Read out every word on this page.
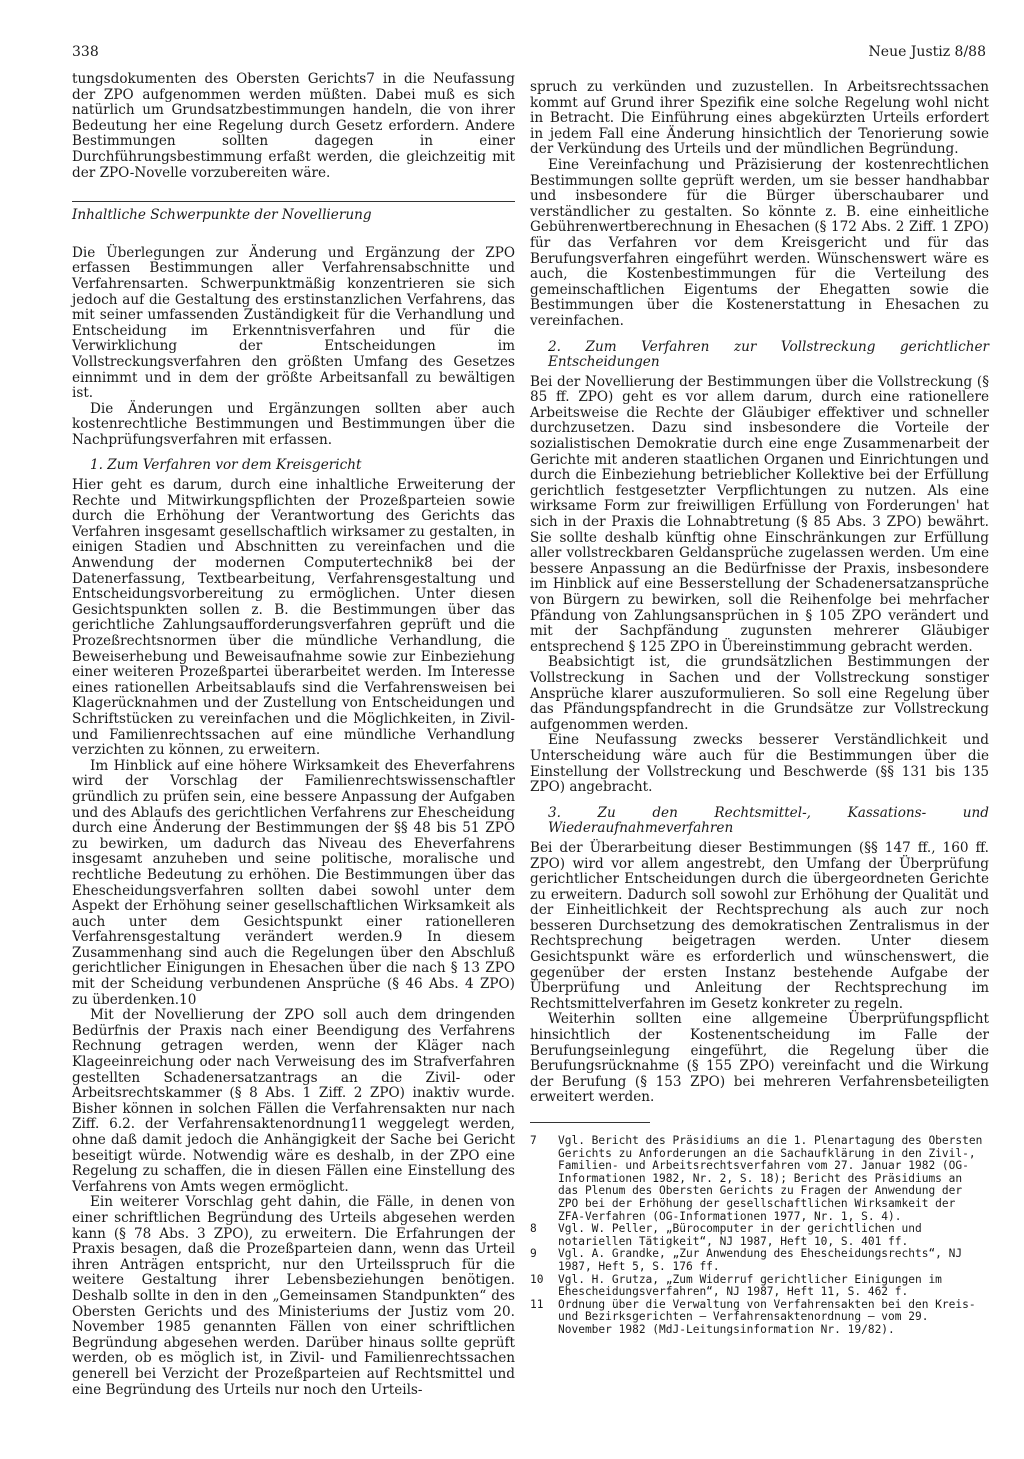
338	Neue Justiz 8/88

tungsdokumenten des Obersten Gerichts7 in die Neufassung der ZPO aufgenommen werden müßten. Dabei muß es sich natürlich um Grundsatzbestimmungen handeln, die von ihrer Bedeutung her eine Regelung durch Gesetz erfordern. Andere Bestimmungen sollten dagegen in einer Durchführungsbestimmung erfaßt werden, die gleichzeitig mit der ZPO-Novelle vorzubereiten wäre.

Inhaltliche Schwerpunkte der Novellierung

Die Überlegungen zur Änderung und Ergänzung der ZPO erfassen Bestimmungen aller Verfahrensabschnitte und Verfahrensarten. Schwerpunktmäßig konzentrieren sie sich jedoch auf die Gestaltung des erstinstanzlichen Verfahrens, das mit seiner umfassenden Zuständigkeit für die Verhandlung und Entscheidung im Erkenntnisverfahren und für die Verwirklichung der Entscheidungen im Vollstreckungsverfahren den größten Umfang des Gesetzes einnimmt und in dem der größte Arbeitsanfall zu bewältigen ist.

Die Änderungen und Ergänzungen sollten aber auch kostenrechtliche Bestimmungen und Bestimmungen über die Nachprüfungsverfahren mit erfassen.

1. Zum Verfahren vor dem Kreisgericht

Hier geht es darum, durch eine inhaltliche Erweiterung der Rechte und Mitwirkungspflichten der Prozeßparteien sowie durch die Erhöhung der Verantwortung des Gerichts das Verfahren insgesamt gesellschaftlich wirksamer zu gestalten, in einigen Stadien und Abschnitten zu vereinfachen und die Anwendung der modernen Computertechnik8 bei der Datenerfassung, Textbearbeitung, Verfahrensgestaltung und Entscheidungsvorbereitung zu ermöglichen. Unter diesen Gesichtspunkten sollen z. B. die Bestimmungen über das gerichtliche Zahlungsaufforderungsverfahren geprüft und die Prozeßrechtsnormen über die mündliche Verhandlung, die Beweiserhebung und Beweisaufnahme sowie zur Einbeziehung einer weiteren Prozeßpartei überarbeitet werden. Im Interesse eines rationellen Arbeitsablaufs sind die Verfahrensweisen bei Klagerücknahmen und der Zustellung von Entscheidungen und Schriftstücken zu vereinfachen und die Möglichkeiten, in Zivil- und Familienrechtssachen auf eine mündliche Verhandlung verzichten zu können, zu erweitern.

Im Hinblick auf eine höhere Wirksamkeit des Eheverfahrens wird der Vorschlag der Familienrechtswissenschaftler gründlich zu prüfen sein, eine bessere Anpassung der Aufgaben und des Ablaufs des gerichtlichen Verfahrens zur Ehescheidung durch eine Änderung der Bestimmungen der §§ 48 bis 51 ZPO zu bewirken, um dadurch das Niveau des Eheverfahrens insgesamt anzuheben und seine politische, moralische und rechtliche Bedeutung zu erhöhen. Die Bestimmungen über das Ehescheidungsverfahren sollten dabei sowohl unter dem Aspekt der Erhöhung seiner gesellschaftlichen Wirksamkeit als auch unter dem Gesichtspunkt einer rationelleren Verfahrensgestaltung verändert werden.9 In diesem Zusammenhang sind auch die Regelungen über den Abschluß gerichtlicher Einigungen in Ehesachen über die nach § 13 ZPO mit der Scheidung verbundenen Ansprüche (§ 46 Abs. 4 ZPO) zu überdenken.10

Mit der Novellierung der ZPO soll auch dem dringenden Bedürfnis der Praxis nach einer Beendigung des Verfahrens Rechnung getragen werden, wenn der Kläger nach Klageeinreichung oder nach Verweisung des im Strafverfahren gestellten Schadenersatzantrags an die Zivil- oder Arbeitsrechtskammer (§ 8 Abs. 1 Ziff. 2 ZPO) inaktiv wurde. Bisher können in solchen Fällen die Verfahrensakten nur nach Ziff. 6.2. der Verfahrensaktenordnung11 weggelegt werden, ohne daß damit jedoch die Anhängigkeit der Sache bei Gericht beseitigt würde. Notwendig wäre es deshalb, in der ZPO eine Regelung zu schaffen, die in diesen Fällen eine Einstellung des Verfahrens von Amts wegen ermöglicht.

Ein weiterer Vorschlag geht dahin, die Fälle, in denen von einer schriftlichen Begründung des Urteils abgesehen werden kann (§ 78 Abs. 3 ZPO), zu erweitern. Die Erfahrungen der Praxis besagen, daß die Prozeßparteien dann, wenn das Urteil ihren Anträgen entspricht, nur den Urteilsspruch für die weitere Gestaltung ihrer Lebensbeziehungen benötigen. Deshalb sollte in den in den „Gemeinsamen Standpunkten“ des Obersten Gerichts und des Ministeriums der Justiz vom 20. November 1985 genannten Fällen von einer schriftlichen Begründung abgesehen werden. Darüber hinaus sollte geprüft werden, ob es möglich ist, in Zivil- und Familienrechtssachen generell bei Verzicht der Prozeßparteien auf Rechtsmittel und eine Begründung des Urteils nur noch den Urteils-

spruch zu verkünden und zuzustellen. In Arbeitsrechtssachen kommt auf Grund ihrer Spezifik eine solche Regelung wohl nicht in Betracht. Die Einführung eines abgekürzten Urteils erfordert in jedem Fall eine Änderung hinsichtlich der Tenorierung sowie der Verkündung des Urteils und der mündlichen Begründung.

Eine Vereinfachung und Präzisierung der kostenrechtlichen Bestimmungen sollte geprüft werden, um sie besser handhabbar und insbesondere für die Bürger überschaubarer und verständlicher zu gestalten. So könnte z. B. eine einheitliche Gebührenwertberechnung in Ehesachen (§ 172 Abs. 2 Ziff. 1 ZPO) für das Verfahren vor dem Kreisgericht und für das Berufungsverfahren eingeführt werden. Wünschenswert wäre es auch, die Kostenbestimmungen für die Verteilung des gemeinschaftlichen Eigentums der Ehegatten sowie die Bestimmungen über die Kostenerstattung in Ehesachen zu vereinfachen.

2. Zum Verfahren zur Vollstreckung gerichtlicher Entscheidungen

Bei der Novellierung der Bestimmungen über die Vollstreckung (§ 85 ff. ZPO) geht es vor allem darum, durch eine rationellere Arbeitsweise die Rechte der Gläubiger effektiver und schneller durchzusetzen. Dazu sind insbesondere die Vorteile der sozialistischen Demokratie durch eine enge Zusammenarbeit der Gerichte mit anderen staatlichen Organen und Einrichtungen und durch die Einbeziehung betrieblicher Kollektive bei der Erfüllung gerichtlich festgesetzter Verpflichtungen zu nutzen. Als eine wirksame Form zur freiwilligen Erfüllung von Forderungen' hat sich in der Praxis die Lohnabtretung (§ 85 Abs. 3 ZPO) bewährt. Sie sollte deshalb künftig ohne Einschränkungen zur Erfüllung aller vollstreckbaren Geldansprüche zugelassen werden. Um eine bessere Anpassung an die Bedürfnisse der Praxis, insbesondere im Hinblick auf eine Besserstellung der Schadenersatzansprüche von Bürgern zu bewirken, soll die Reihenfolge bei mehrfacher Pfändung von Zahlungsansprüchen in § 105 ZPO verändert und mit der Sachpfändung zugunsten mehrerer Gläubiger entsprechend § 125 ZPO in Übereinstimmung gebracht werden.

Beabsichtigt ist, die grundsätzlichen Bestimmungen der Vollstreckung in Sachen und der Vollstreckung sonstiger Ansprüche klarer auszuformulieren. So soll eine Regelung über das Pfändungspfandrecht in die Grundsätze zur Vollstreckung aufgenommen werden.

Eine Neufassung zwecks besserer Verständlichkeit und Unterscheidung wäre auch für die Bestimmungen über die Einstellung der Vollstreckung und Beschwerde (§§ 131 bis 135 ZPO) angebracht.

3. Zu den Rechtsmittel-, Kassations- und Wiederaufnahmeverfahren

Bei der Überarbeitung dieser Bestimmungen (§§ 147 ff., 160 ff. ZPO) wird vor allem angestrebt, den Umfang der Überprüfung gerichtlicher Entscheidungen durch die übergeordneten Gerichte zu erweitern. Dadurch soll sowohl zur Erhöhung der Qualität und der Einheitlichkeit der Rechtsprechung als auch zur noch besseren Durchsetzung des demokratischen Zentralismus in der Rechtsprechung beigetragen werden. Unter diesem Gesichtspunkt wäre es erforderlich und wünschenswert, die gegenüber der ersten Instanz bestehende Aufgabe der Überprüfung und Anleitung der Rechtsprechung im Rechtsmittelverfahren im Gesetz konkreter zu regeln.

Weiterhin sollten eine allgemeine Überprüfungspflicht hinsichtlich der Kostenentscheidung im Falle der Berufungseinlegung eingeführt, die Regelung über die Berufungsrücknahme (§ 155 ZPO) vereinfacht und die Wirkung der Berufung (§ 153 ZPO) bei mehreren Verfahrensbeteiligten erweitert werden.

7	Vgl. Bericht des Präsidiums an die 1. Plenartagung des Obersten Gerichts zu Anforderungen an die Sachaufklärung in den Zivil-, Familien- und Arbeitsrechtsverfahren vom 27. Januar 1982 (OG-Informationen 1982, Nr. 2, S. 18); Bericht des Präsidiums an das Plenum des Obersten Gerichts zu Fragen der Anwendung der ZPO bei der Erhöhung der gesellschaftlichen Wirksamkeit der ZFA-Verfahren (OG-Informationen 1977, Nr. 1, S. 4).
8	Vgl. W. Peller, „Bürocomputer in der gerichtlichen und notariellen Tätigkeit“, NJ 1987, Heft 10, S. 401 ff.
9	Vgl. A. Grandke, „Zur Anwendung des Ehescheidungsrechts“, NJ 1987, Heft 5, S. 176 ff.
10	Vgl. H. Grutza, „Zum Widerruf gerichtlicher Einigungen im Ehescheidungsverfahren“, NJ 1987, Heft 11, S. 462 f.
11	Ordnung über die Verwaltung von Verfahrensakten bei den Kreis- und Bezirksgerichten — Verfahrensaktenordnung — vom 29. November 1982 (MdJ-Leitungsinformation Nr. 19/82).
